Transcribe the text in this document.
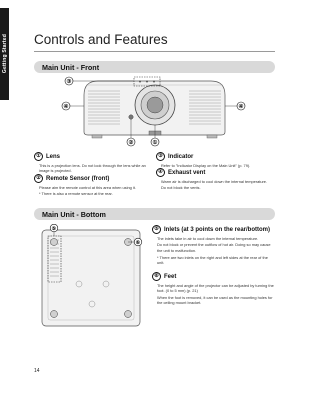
Getting Started Controls and Features
Main Unit - Front
①
②
③
④	④
① Lens

This is a projection lens. Do not look through the lens while an image is projected.

② Remote Sensor (front)

Please aim the remote control at this area when using it.

* There is also a remote sensor at the rear.

③ Indicator

Refer to "Indicator Display on the Main Unit" (p. 79).

④ Exhaust vent

Warm air is discharged to cool down the internal temperature.

Do not block the vents.

Main Unit - Bottom
⑤
⑥
⑤ Inlets (at 3 points on the rear/bottom)

The inlets take in air to cool down the internal temperature.

Do not block or prevent the outflow of hot air. Doing so may cause the unit to malfunction.

* There are two inlets on the right and left sides at the rear of the unit.

⑥ Feet

The height and angle of the projector can be adjusted by turning the foot. (0 to 5 mm) (p. 21)

When the foot is removed, it can be used as the mounting holes for the ceiling mount bracket.

14
